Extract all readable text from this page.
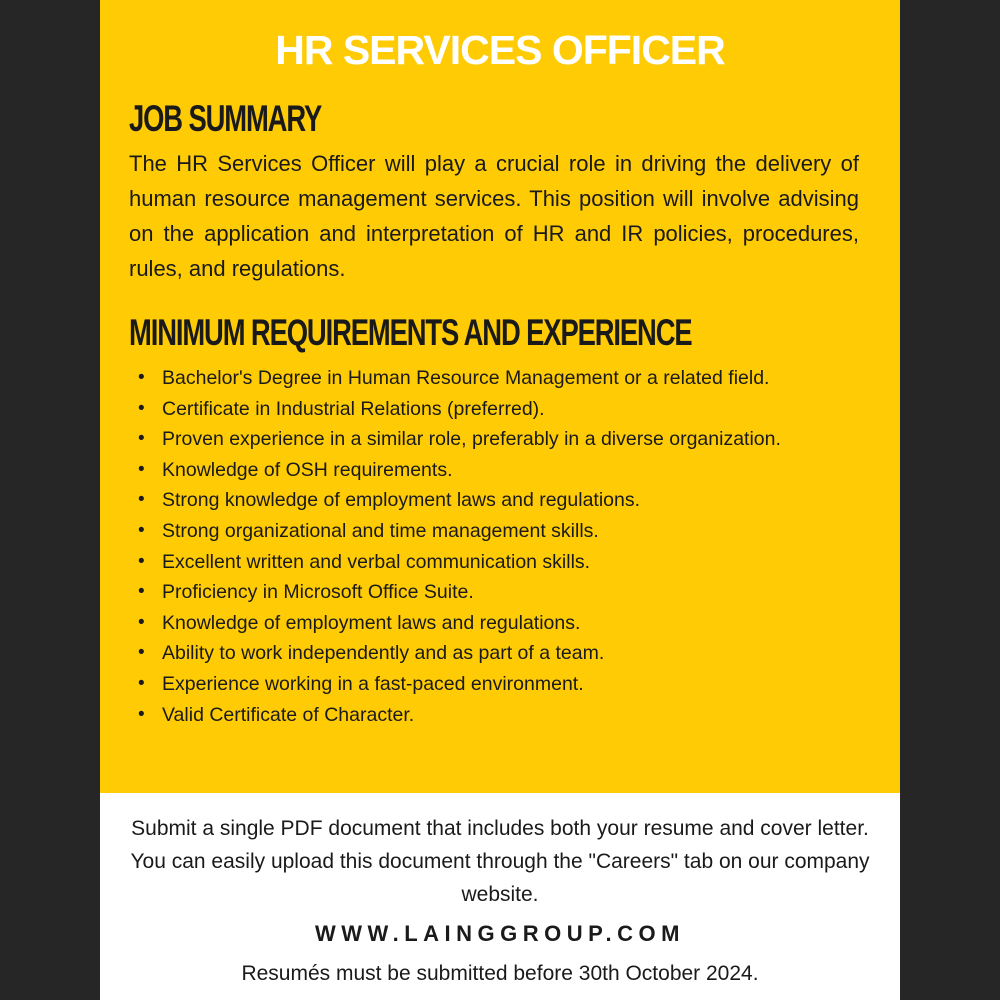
HR SERVICES OFFICER
JOB SUMMARY

The HR Services Officer will play a crucial role in driving the delivery of human resource management services. This position will involve advising on the application and interpretation of HR and IR policies, procedures, rules, and regulations.

MINIMUM REQUIREMENTS AND EXPERIENCE
• Bachelor's Degree in Human Resource Management or a related field.
• Certificate in Industrial Relations (preferred).
• Proven experience in a similar role, preferably in a diverse organization.
• Knowledge of OSH requirements.
• Strong knowledge of employment laws and regulations.
• Strong organizational and time management skills.
• Excellent written and verbal communication skills.
• Proficiency in Microsoft Office Suite.
• Knowledge of employment laws and regulations.
• Ability to work independently and as part of a team.
• Experience working in a fast-paced environment.
• Valid Certificate of Character.

Submit a single PDF document that includes both your resume and cover letter. You can easily upload this document through the "Careers" tab on our company website.

WWW.LAINGGROUP.COM
Resumés must be submitted before 30th October 2024.
